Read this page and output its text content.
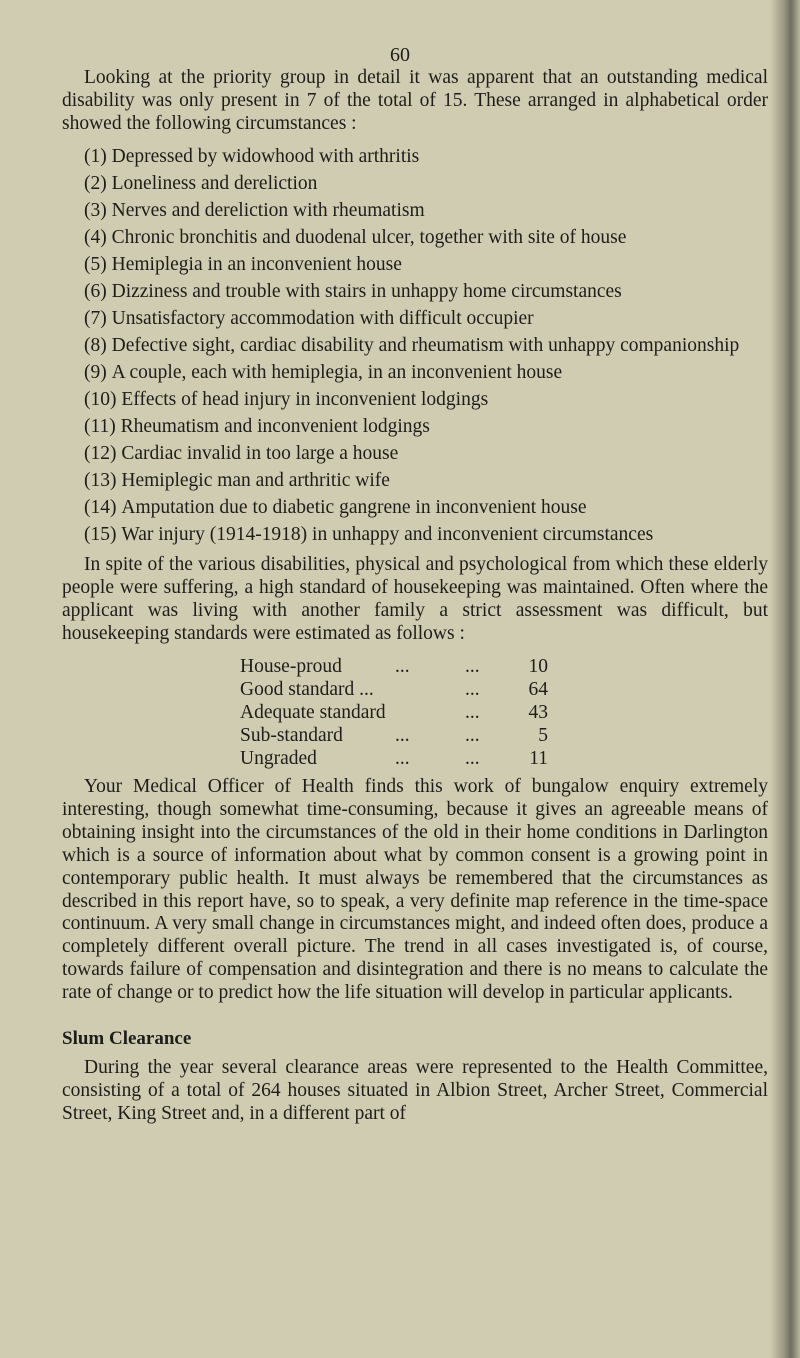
60

Looking at the priority group in detail it was apparent that an outstanding medical disability was only present in 7 of the total of 15. These arranged in alphabetical order showed the following circumstances :

(1) Depressed by widowhood with arthritis
(2) Loneliness and dereliction
(3) Nerves and dereliction with rheumatism
(4) Chronic bronchitis and duodenal ulcer, together with site of house
(5) Hemiplegia in an inconvenient house
(6) Dizziness and trouble with stairs in unhappy home circumstances
(7) Unsatisfactory accommodation with difficult occupier
(8) Defective sight, cardiac disability and rheumatism with unhappy companionship
(9) A couple, each with hemiplegia, in an inconvenient house
(10) Effects of head injury in inconvenient lodgings
(11) Rheumatism and inconvenient lodgings
(12) Cardiac invalid in too large a house
(13) Hemiplegic man and arthritic wife
(14) Amputation due to diabetic gangrene in inconvenient house
(15) War injury (1914-1918) in unhappy and inconvenient circumstances

In spite of the various disabilities, physical and psychological from which these elderly people were suffering, a high standard of housekeeping was maintained. Often where the applicant was living with another family a strict assessment was difficult, but housekeeping standards were estimated as follows :

House-proud	...	...	10
Good standard ...	...	64
Adequate standard	...	43
Sub-standard	...	...	5
Ungraded	...	...	11

Your Medical Officer of Health finds this work of bungalow enquiry extremely interesting, though somewhat time-consuming, because it gives an agreeable means of obtaining insight into the circumstances of the old in their home conditions in Darlington which is a source of information about what by common consent is a growing point in contemporary public health. It must always be remembered that the circumstances as described in this report have, so to speak, a very definite map reference in the time-space continuum. A very small change in circumstances might, and indeed often does, produce a completely different overall picture. The trend in all cases investigated is, of course, towards failure of compensation and disintegration and there is no means to calculate the rate of change or to predict how the life situation will develop in particular applicants.

Slum Clearance

During the year several clearance areas were represented to the Health Committee, consisting of a total of 264 houses situated in Albion Street, Archer Street, Commercial Street, King Street and, in a different part of
